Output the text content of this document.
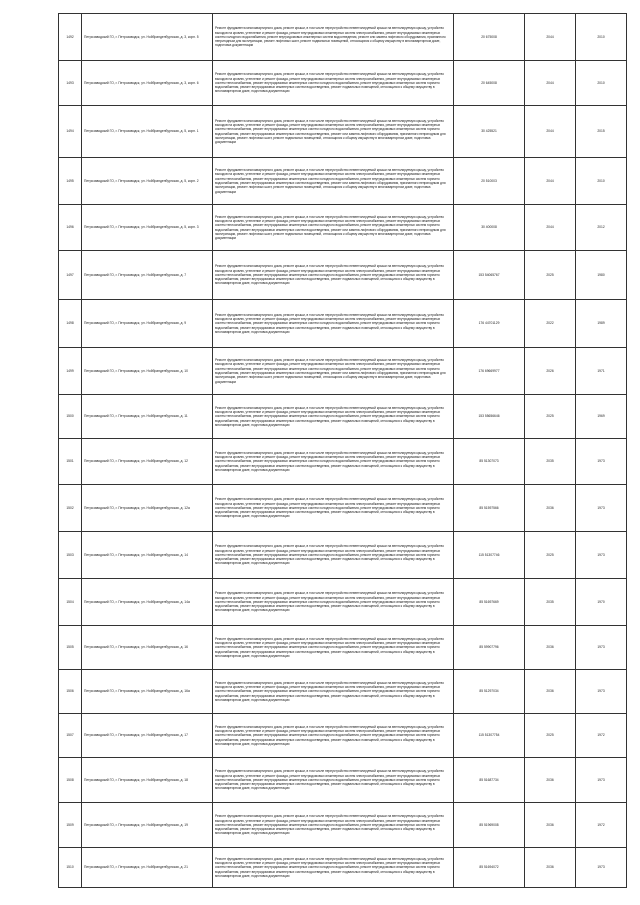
1492	Петрозаводский ГО, г. Петрозаводск, ул. Нойбранденбургская, д. 3, корп. 5	Ремонт фундамента многоквартирного дома, ремонт крыши, в том числе переустройство невентилируемой крыши на вентилируемую крышу, устройство выходов на кровлю, утепление и ремонт фасада, ремонт внутридомовых инженерных систем электроснабжения, ремонт внутридомовых инженерных систем холодного водоснабжения, ремонт внутридомовых инженерных систем водоотведения, ремонт или замена лифтового оборудования, признанного непригодным для эксплуатации, ремонт лифтовых шахт, ремонт подвальных помещений, относящихся к общему имуществу в многоквартирном доме, подготовка документации	20 675008	2044	2010
1493	Петрозаводский ГО, г. Петрозаводск, ул. Нойбранденбургская, д. 3, корп. 6	Ремонт фундамента многоквартирного дома, ремонт крыши, в том числе переустройство невентилируемой крыши на вентилируемую крышу, устройство выходов на кровлю, утепление и ремонт фасада, ремонт внутридомовых инженерных систем электроснабжения, ремонт внутридомовых инженерных систем теплоснабжения, ремонт внутридомовых инженерных систем холодного водоснабжения, ремонт внутридомовых инженерных систем горячего водоснабжения, ремонт внутридомовых инженерных систем водоотведения, ремонт подвальных помещений, относящихся к общему имуществу в многоквартирном доме, подготовка документации	20 645008	2044	2010
1494	Петрозаводский ГО, г. Петрозаводск, ул. Нойбранденбургская, д. 5, корп. 1	Ремонт фундамента многоквартирного дома, ремонт крыши, в том числе переустройство невентилируемой крыши на вентилируемую крышу, устройство выходов на кровлю, утепление и ремонт фасада, ремонт внутридомовых инженерных систем электроснабжения, ремонт внутридомовых инженерных систем теплоснабжения, ремонт внутридомовых инженерных систем холодного водоснабжения, ремонт внутридомовых инженерных систем горячего водоснабжения, ремонт внутридомовых инженерных систем водоотведения, ремонт или замена лифтового оборудования, признанного непригодным для эксплуатации, ремонт лифтовых шахт, ремонт подвальных помещений, относящихся к общему имуществу в многоквартирном доме, подготовка документации	30 425521	2044	2015
1495	Петрозаводский ГО, г. Петрозаводск, ул. Нойбранденбургская, д. 5, корп. 2	Ремонт фундамента многоквартирного дома, ремонт крыши, в том числе переустройство невентилируемой крыши на вентилируемую крышу, устройство выходов на кровлю, утепление и ремонт фасада, ремонт внутридомовых инженерных систем электроснабжения, ремонт внутридомовых инженерных систем теплоснабжения, ремонт внутридомовых инженерных систем холодного водоснабжения, ремонт внутридомовых инженерных систем горячего водоснабжения, ремонт внутридомовых инженерных систем водоотведения, ремонт или замена лифтового оборудования, признанного непригодным для эксплуатации, ремонт лифтовых шахт, ремонт подвальных помещений, относящихся к общему имуществу в многоквартирном доме, подготовка документации	20 510003	2044	2010
1496	Петрозаводский ГО, г. Петрозаводск, ул. Нойбранденбургская, д. 5, корп. 3	Ремонт фундамента многоквартирного дома, ремонт крыши, в том числе переустройство невентилируемой крыши на вентилируемую крышу, устройство выходов на кровлю, утепление и ремонт фасада, ремонт внутридомовых инженерных систем электроснабжения, ремонт внутридомовых инженерных систем теплоснабжения, ремонт внутридомовых инженерных систем холодного водоснабжения, ремонт внутридомовых инженерных систем горячего водоснабжения, ремонт внутридомовых инженерных систем водоотведения, ремонт или замена лифтового оборудования, признанного непригодным для эксплуатации, ремонт лифтовых шахт, ремонт подвальных помещений, относящихся к общему имуществу в многоквартирном доме, подготовка документации	30 400008	2044	2012
1497	Петрозаводский ГО, г. Петрозаводск, ул. Нойбранденбургская, д. 7	Ремонт фундамента многоквартирного дома, ремонт крыши, в том числе переустройство невентилируемой крыши на вентилируемую крышу, устройство выходов на кровлю, утепление и ремонт фасада, ремонт внутридомовых инженерных систем электроснабжения, ремонт внутридомовых инженерных систем теплоснабжения, ремонт внутридомовых инженерных систем холодного водоснабжения, ремонт внутридомовых инженерных систем горячего водоснабжения, ремонт внутридомовых инженерных систем водоотведения, ремонт подвальных помещений, относящихся к общему имуществу в многоквартирном доме, подготовка документации	153 54065767	2025	1980
1498	Петрозаводский ГО, г. Петрозаводск, ул. Нойбранденбургская, д. 9	Ремонт фундамента многоквартирного дома, ремонт крыши, в том числе переустройство невентилируемой крыши на вентилируемую крышу, устройство выходов на кровлю, утепление и ремонт фасада, ремонт внутридомовых инженерных систем электроснабжения, ремонт внутридомовых инженерных систем теплоснабжения, ремонт внутридомовых инженерных систем холодного водоснабжения, ремонт внутридомовых инженерных систем горячего водоснабжения, ремонт внутридомовых инженерных систем водоотведения, ремонт подвальных помещений, относящихся к общему имуществу в многоквартирном доме, подготовка документации	176 44701129	2022	1989
1499	Петрозаводский ГО, г. Петрозаводск, ул. Нойбранденбургская, д. 10	Ремонт фундамента многоквартирного дома, ремонт крыши, в том числе переустройство невентилируемой крыши на вентилируемую крышу, устройство выходов на кровлю, утепление и ремонт фасада, ремонт внутридомовых инженерных систем электроснабжения, ремонт внутридомовых инженерных систем теплоснабжения, ремонт внутридомовых инженерных систем холодного водоснабжения, ремонт внутридомовых инженерных систем горячего водоснабжения, ремонт внутридомовых инженерных систем водоотведения, ремонт или замена лифтового оборудования, признанного непригодным для эксплуатации, ремонт лифтовых шахт, ремонт подвальных помещений, относящихся к общему имуществу в многоквартирном доме, подготовка документации	176 69669977	2026	1971
1500	Петрозаводский ГО, г. Петрозаводск, ул. Нойбранденбургская, д. 11	Ремонт фундамента многоквартирного дома, ремонт крыши, в том числе переустройство невентилируемой крыши на вентилируемую крышу, устройство выходов на кровлю, утепление и ремонт фасада, ремонт внутридомовых инженерных систем электроснабжения, ремонт внутридомовых инженерных систем теплоснабжения, ремонт внутридомовых инженерных систем холодного водоснабжения, ремонт внутридомовых инженерных систем горячего водоснабжения, ремонт внутридомовых инженерных систем водоотведения, ремонт подвальных помещений, относящихся к общему имуществу в многоквартирном доме, подготовка документации	153 55656646	2025	1969
1501	Петрозаводский ГО, г. Петрозаводск, ул. Нойбранденбургская, д. 12	Ремонт фундамента многоквартирного дома, ремонт крыши, в том числе переустройство невентилируемой крыши на вентилируемую крышу, устройство выходов на кровлю, утепление и ремонт фасада, ремонт внутридомовых инженерных систем электроснабжения, ремонт внутридомовых инженерных систем теплоснабжения, ремонт внутридомовых инженерных систем холодного водоснабжения, ремонт внутридомовых инженерных систем горячего водоснабжения, ремонт внутридомовых инженерных систем водоотведения, ремонт подвальных помещений, относящихся к общему имуществу в многоквартирном доме, подготовка документации	85 51307073	2035	1973
1502	Петрозаводский ГО, г. Петрозаводск, ул. Нойбранденбургская, д. 12а	Ремонт фундамента многоквартирного дома, ремонт крыши, в том числе переустройство невентилируемой крыши на вентилируемую крышу, устройство выходов на кровлю, утепление и ремонт фасада, ремонт внутридомовых инженерных систем электроснабжения, ремонт внутридомовых инженерных систем теплоснабжения, ремонт внутридомовых инженерных систем холодного водоснабжения, ремонт внутридомовых инженерных систем горячего водоснабжения, ремонт внутридомовых инженерных систем водоотведения, ремонт подвальных помещений, относящихся к общему имуществу в многоквартирном доме, подготовка документации	85 51597566	2036	1973
1503	Петрозаводский ГО, г. Петрозаводск, ул. Нойбранденбургская, д. 14	Ремонт фундамента многоквартирного дома, ремонт крыши, в том числе переустройство невентилируемой крыши на вентилируемую крышу, устройство выходов на кровлю, утепление и ремонт фасада, ремонт внутридомовых инженерных систем электроснабжения, ремонт внутридомовых инженерных систем теплоснабжения, ремонт внутридомовых инженерных систем холодного водоснабжения, ремонт внутридомовых инженерных систем горячего водоснабжения, ремонт внутридомовых инженерных систем водоотведения, ремонт подвальных помещений, относящихся к общему имуществу в многоквартирном доме, подготовка документации	115 51307746	2025	1973
1504	Петрозаводский ГО, г. Петрозаводск, ул. Нойбранденбургская, д. 14а	Ремонт фундамента многоквартирного дома, ремонт крыши, в том числе переустройство невентилируемой крыши на вентилируемую крышу, устройство выходов на кровлю, утепление и ремонт фасада, ремонт внутридомовых инженерных систем электроснабжения, ремонт внутридомовых инженерных систем теплоснабжения, ремонт внутридомовых инженерных систем холодного водоснабжения, ремонт внутридомовых инженерных систем горячего водоснабжения, ремонт внутридомовых инженерных систем водоотведения, ремонт подвальных помещений, относящихся к общему имуществу в многоквартирном доме, подготовка документации	85 51697669	2035	1970
1505	Петрозаводский ГО, г. Петрозаводск, ул. Нойбранденбургская, д. 16	Ремонт фундамента многоквартирного дома, ремонт крыши, в том числе переустройство невентилируемой крыши на вентилируемую крышу, устройство выходов на кровлю, утепление и ремонт фасада, ремонт внутридомовых инженерных систем электроснабжения, ремонт внутридомовых инженерных систем теплоснабжения, ремонт внутридомовых инженерных систем холодного водоснабжения, ремонт внутридомовых инженерных систем горячего водоснабжения, ремонт внутридомовых инженерных систем водоотведения, ремонт подвальных помещений, относящихся к общему имуществу в многоквартирном доме, подготовка документации	85 59907796	2036	1973
1506	Петрозаводский ГО, г. Петрозаводск, ул. Нойбранденбургская, д. 16а	Ремонт фундамента многоквартирного дома, ремонт крыши, в том числе переустройство невентилируемой крыши на вентилируемую крышу, устройство выходов на кровлю, утепление и ремонт фасада, ремонт внутридомовых инженерных систем электроснабжения, ремонт внутридомовых инженерных систем теплоснабжения, ремонт внутридомовых инженерных систем холодного водоснабжения, ремонт внутридомовых инженерных систем горячего водоснабжения, ремонт внутридомовых инженерных систем водоотведения, ремонт подвальных помещений, относящихся к общему имуществу в многоквартирном доме, подготовка документации	85 51297034	2036	1973
1507	Петрозаводский ГО, г. Петрозаводск, ул. Нойбранденбургская, д. 17	Ремонт фундамента многоквартирного дома, ремонт крыши, в том числе переустройство невентилируемой крыши на вентилируемую крышу, устройство выходов на кровлю, утепление и ремонт фасада, ремонт внутридомовых инженерных систем электроснабжения, ремонт внутридомовых инженерных систем теплоснабжения, ремонт внутридомовых инженерных систем холодного водоснабжения, ремонт внутридомовых инженерных систем горячего водоснабжения, ремонт внутридомовых инженерных систем водоотведения, ремонт подвальных помещений, относящихся к общему имуществу в многоквартирном доме, подготовка документации	115 51307754	2025	1972
1508	Петрозаводский ГО, г. Петрозаводск, ул. Нойбранденбургская, д. 18	Ремонт фундамента многоквартирного дома, ремонт крыши, в том числе переустройство невентилируемой крыши на вентилируемую крышу, устройство выходов на кровлю, утепление и ремонт фасада, ремонт внутридомовых инженерных систем электроснабжения, ремонт внутридомовых инженерных систем теплоснабжения, ремонт внутридомовых инженерных систем холодного водоснабжения, ремонт внутридомовых инженерных систем горячего водоснабжения, ремонт внутридомовых инженерных систем водоотведения, ремонт подвальных помещений, относящихся к общему имуществу в многоквартирном доме, подготовка документации	85 51687734	2036	1973
1509	Петрозаводский ГО, г. Петрозаводск, ул. Нойбранденбургская, д. 19	Ремонт фундамента многоквартирного дома, ремонт крыши, в том числе переустройство невентилируемой крыши на вентилируемую крышу, устройство выходов на кровлю, утепление и ремонт фасада, ремонт внутридомовых инженерных систем электроснабжения, ремонт внутридомовых инженерных систем теплоснабжения, ремонт внутридомовых инженерных систем холодного водоснабжения, ремонт внутридомовых инженерных систем горячего водоснабжения, ремонт внутридомовых инженерных систем водоотведения, ремонт подвальных помещений, относящихся к общему имуществу в многоквартирном доме, подготовка документации	85 51969008	2036	1972
1510	Петрозаводский ГО, г. Петрозаводск, ул. Нойбранденбургская, д. 21	Ремонт фундамента многоквартирного дома, ремонт крыши, в том числе переустройство невентилируемой крыши на вентилируемую крышу, устройство выходов на кровлю, утепление и ремонт фасада, ремонт внутридомовых инженерных систем электроснабжения, ремонт внутридомовых инженерных систем теплоснабжения, ремонт внутридомовых инженерных систем холодного водоснабжения, ремонт внутридомовых инженерных систем горячего водоснабжения, ремонт внутридомовых инженерных систем водоотведения, ремонт подвальных помещений, относящихся к общему имуществу в многоквартирном доме, подготовка документации	85 51694072	2036	1973
